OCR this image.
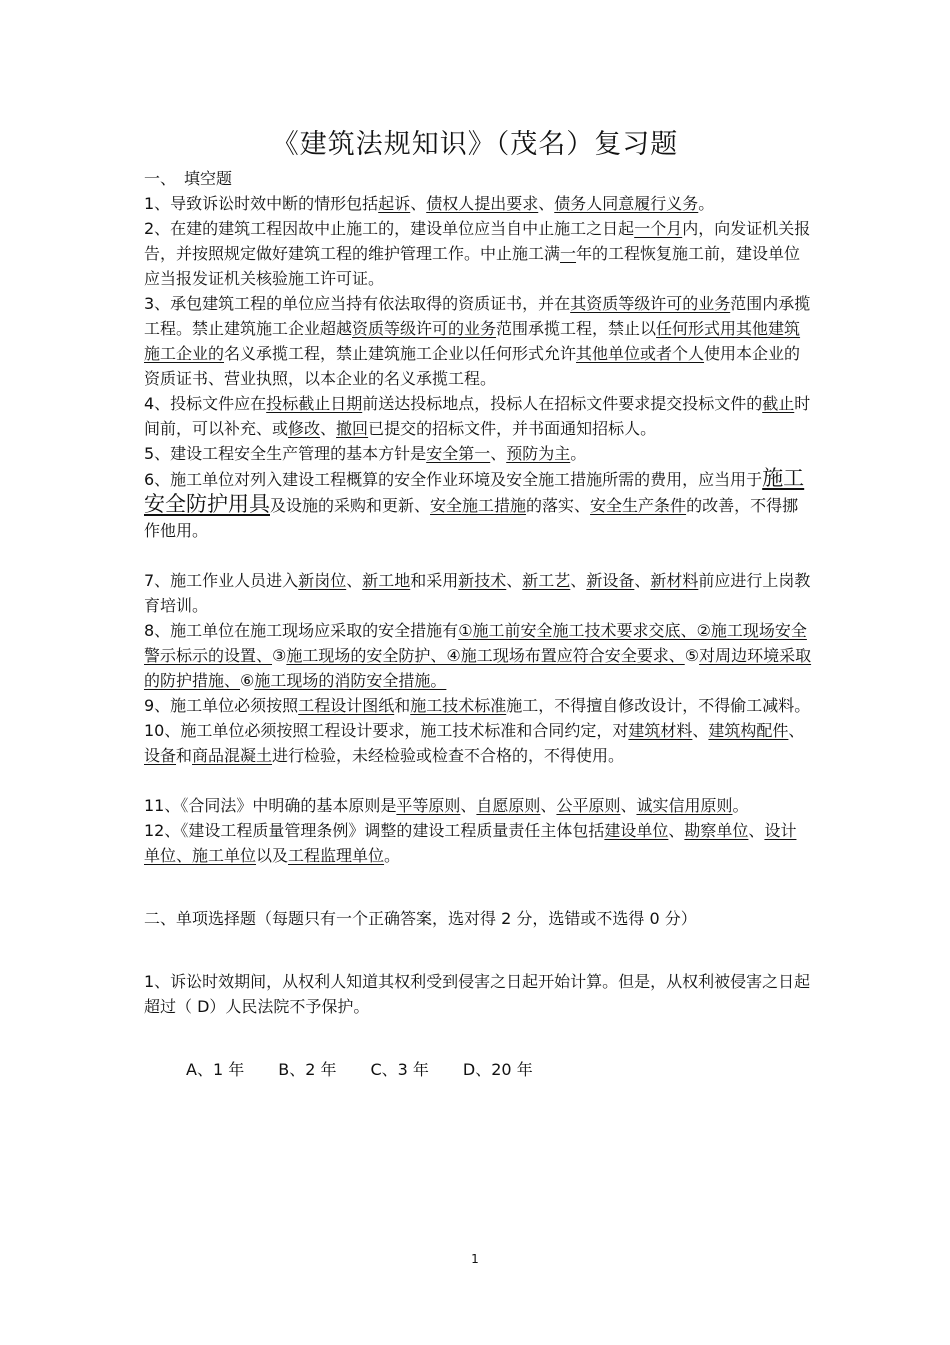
《建筑法规知识》（茂名）复习题

一、　填空题

1、导致诉讼时效中断的情形包括起诉、债权人提出要求、债务人同意履行义务。

2、在建的建筑工程因故中止施工的，建设单位应当自中止施工之日起一个月内，向发证机关报告，并按照规定做好建筑工程的维护管理工作。中止施工满一年的工程恢复施工前，建设单位应当报发证机关核验施工许可证。

3、承包建筑工程的单位应当持有依法取得的资质证书，并在其资质等级许可的业务范围内承揽工程。禁止建筑施工企业超越资质等级许可的业务范围承揽工程，禁止以任何形式用其他建筑施工企业的名义承揽工程，禁止建筑施工企业以任何形式允许其他单位或者个人使用本企业的资质证书、营业执照，以本企业的名义承揽工程。

4、投标文件应在投标截止日期前送达投标地点，投标人在招标文件要求提交投标文件的截止时间前，可以补充、或修改、撤回已提交的招标文件，并书面通知招标人。

5、建设工程安全生产管理的基本方针是安全第一、预防为主。

6、施工单位对列入建设工程概算的安全作业环境及安全施工措施所需的费用，应当用于施工安全防护用具及设施的采购和更新、安全施工措施的落实、安全生产条件的改善，不得挪作他用。

7、施工作业人员进入新岗位、新工地和采用新技术、新工艺、新设备、新材料前应进行上岗教育培训。

8、施工单位在施工现场应采取的安全措施有①施工前安全施工技术要求交底、②施工现场安全警示标示的设置、③施工现场的安全防护、④施工现场布置应符合安全要求、⑤对周边环境采取的防护措施、⑥施工现场的消防安全措施。

9、施工单位必须按照工程设计图纸和施工技术标准施工，不得擅自修改设计，不得偷工减料。

10、施工单位必须按照工程设计要求，施工技术标准和合同约定，对建筑材料、建筑构配件、设备和商品混凝土进行检验，未经检验或检查不合格的，不得使用。

11、《合同法》中明确的基本原则是平等原则、自愿原则、公平原则、诚实信用原则。

12、《建设工程质量管理条例》调整的建设工程质量责任主体包括建设单位、勘察单位、设计单位、施工单位以及工程监理单位。

二、单项选择题（每题只有一个正确答案，选对得 2 分，选错或不选得 0 分）

1、诉讼时效期间，从权利人知道其权利受到侵害之日起开始计算。但是，从权利被侵害之日起超过（ D）人民法院不予保护。

A、1 年 B、2 年 C、3 年 D、20 年

1
